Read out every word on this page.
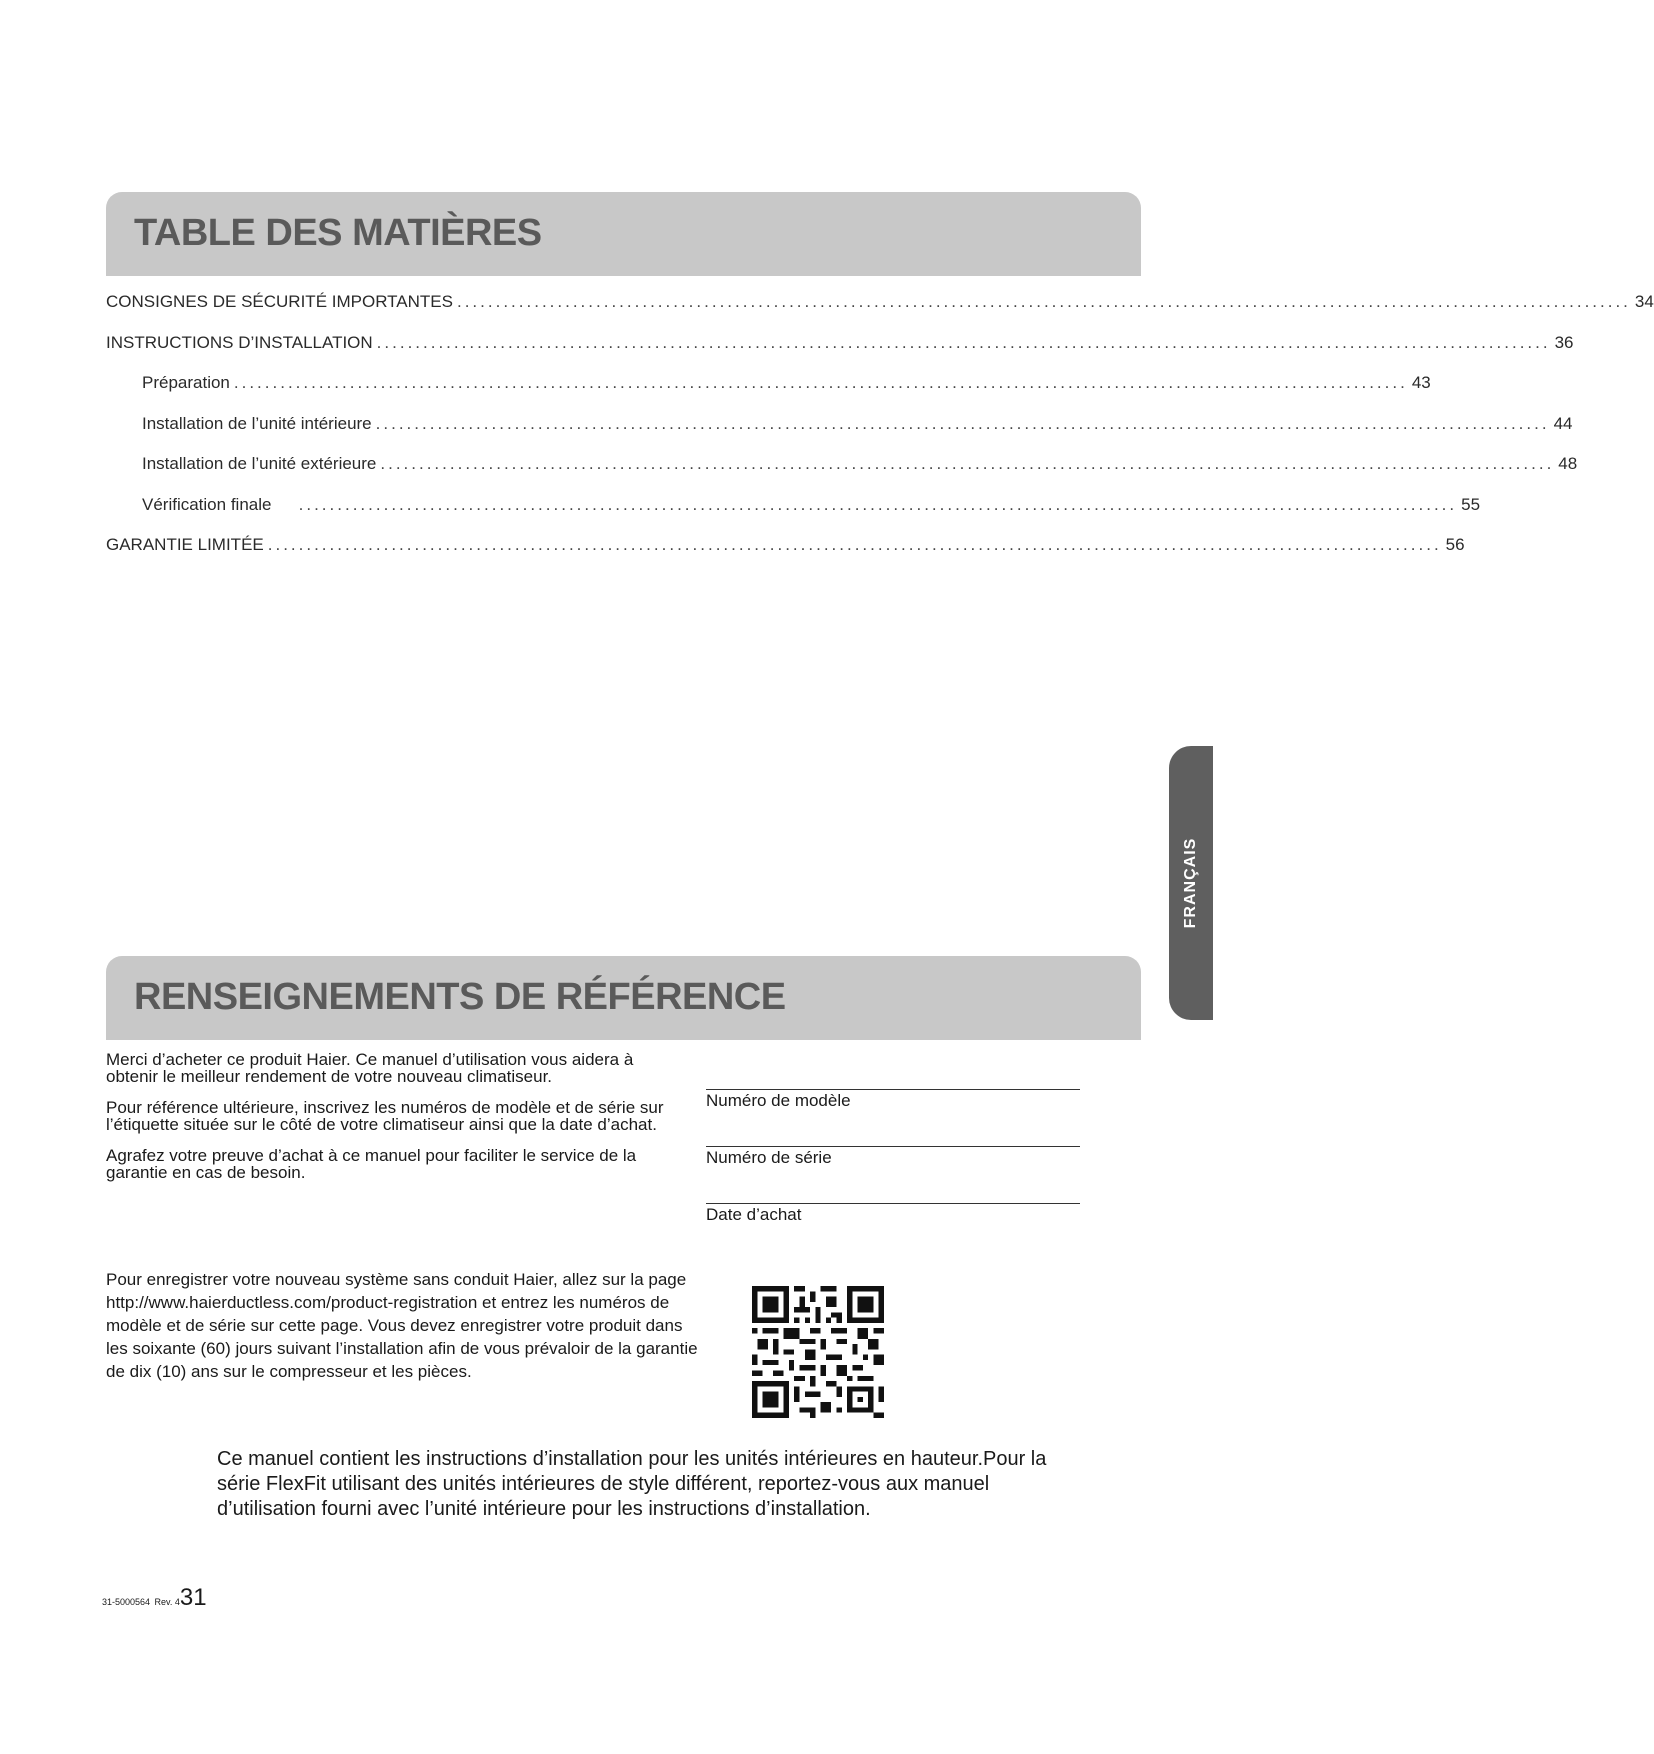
TABLE DES MATIÈRES
CONSIGNES DE SÉCURITÉ IMPORTANTES ........................................................................................................................................................ 34
INSTRUCTIONS D’INSTALLATION ........................................................................................................................................................ 36
Préparation ........................................................................................................................................................ 43
Installation de l’unité intérieure ........................................................................................................................................................ 44
Installation de l’unité extérieure ........................................................................................................................................................ 48
Vérification finale ...................................................................................................................................................... 55
GARANTIE LIMITÉE ........................................................................................................................................................ 56
FRANÇAIS
RENSEIGNEMENTS DE RÉFÉRENCE

Merci d’acheter ce produit Haier. Ce manuel d’utilisation vous aidera à obtenir le meilleur rendement de votre nouveau climatiseur.

Pour référence ultérieure, inscrivez les numéros de modèle et de série sur l’étiquette située sur le côté de votre climatiseur ainsi que la date d’achat.

Agrafez votre preuve d’achat à ce manuel pour faciliter le service de la garantie en cas de besoin.

Numéro de modèle
Numéro de série
Date d’achat
Pour enregistrer votre nouveau système sans conduit Haier, allez sur la page http://www.haierductless.com/product-registration et entrez les numéros de modèle et de série sur cette page. Vous devez enregistrer votre produit dans les soixante (60) jours suivant l’installation afin de vous prévaloir de la garantie de dix (10) ans sur le compresseur et les pièces.
Ce manuel contient les instructions d’installation pour les unités intérieures en hauteur.Pour la série FlexFit utilisant des unités intérieures de style différent, reportez-vous aux manuel d’utilisation fourni avec l’unité intérieure pour les instructions d’installation.
31-5000564 Rev. 431
